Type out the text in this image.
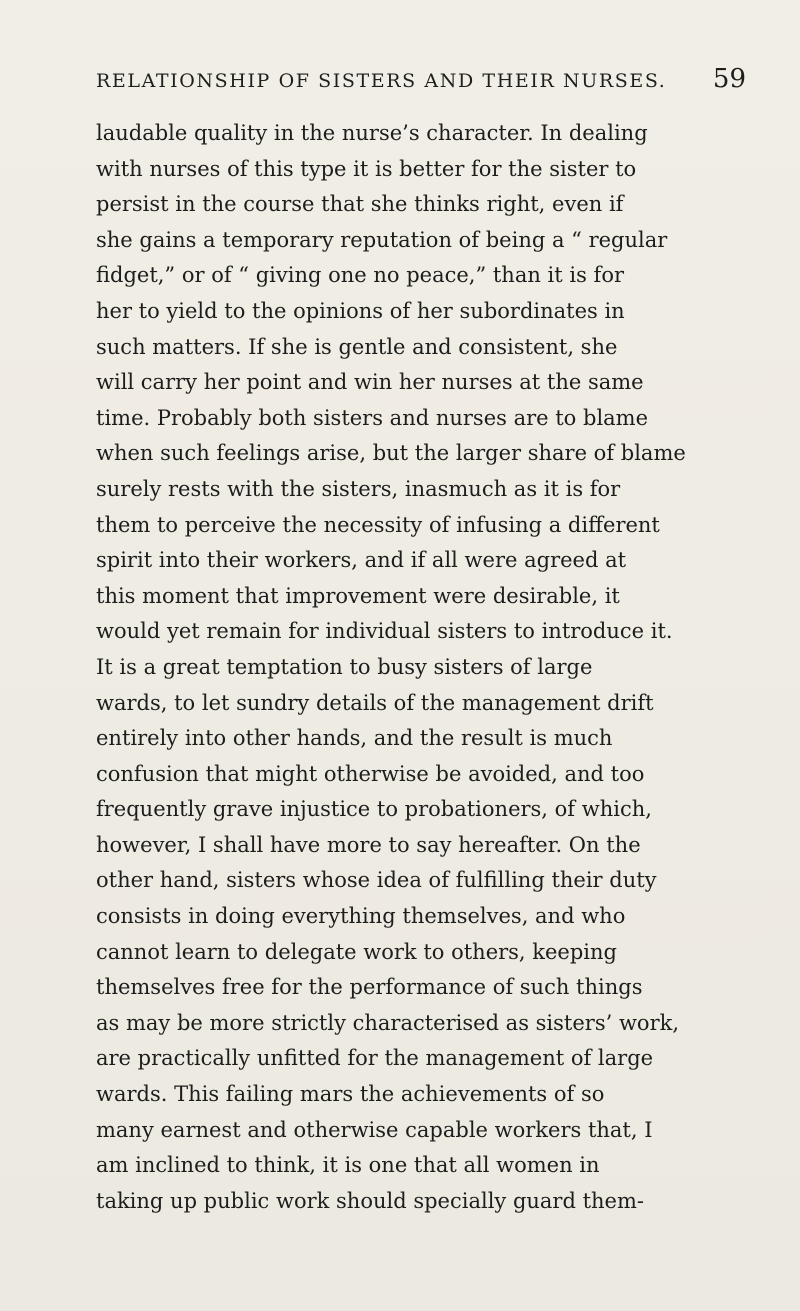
RELATIONSHIP OF SISTERS AND THEIR NURSES. 59
laudable quality in the nurse’s character. In dealing
with nurses of this type it is better for the sister to
persist in the course that she thinks right, even if
she gains a temporary reputation of being a “ regular
fidget,” or of “ giving one no peace,” than it is for
her to yield to the opinions of her subordinates in
such matters. If she is gentle and consistent, she
will carry her point and win her nurses at the same
time. Probably both sisters and nurses are to blame
when such feelings arise, but the larger share of blame
surely rests with the sisters, inasmuch as it is for
them to perceive the necessity of infusing a different
spirit into their workers, and if all were agreed at
this moment that improvement were desirable, it
would yet remain for individual sisters to introduce it.
It is a great temptation to busy sisters of large
wards, to let sundry details of the management drift
entirely into other hands, and the result is much
confusion that might otherwise be avoided, and too
frequently grave injustice to probationers, of which,
however, I shall have more to say hereafter. On the
other hand, sisters whose idea of fulfilling their duty
consists in doing everything themselves, and who
cannot learn to delegate work to others, keeping
themselves free for the performance of such things
as may be more strictly characterised as sisters’ work,
are practically unfitted for the management of large
wards. This failing mars the achievements of so
many earnest and otherwise capable workers that, I
am inclined to think, it is one that all women in
taking up public work should specially guard them-
